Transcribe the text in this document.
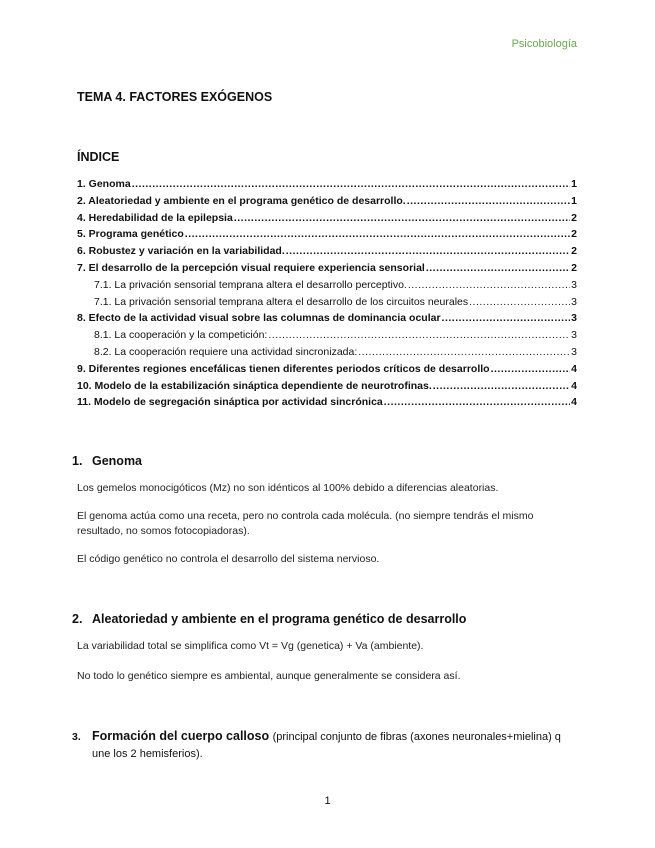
Psicobiología
TEMA 4. FACTORES EXÓGENOS
ÍNDICE
1. Genoma .....	1
2. Aleatoriedad y ambiente en el programa genético de desarrollo. .....	1
4. Heredabilidad de la epilepsia .....	2
5. Programa genético .....	2
6. Robustez y variación en la variabilidad. .....	2
7. El desarrollo de la percepción visual requiere experiencia sensorial .....	2
7.1. La privación sensorial temprana altera el desarrollo perceptivo. .....	3
7.1. La privación sensorial temprana altera el desarrollo de los circuitos neurales .....	3
8. Efecto de la actividad visual sobre las columnas de dominancia ocular .....	3
8.1. La cooperación y la competición: .....	3
8.2. La cooperación requiere una actividad sincronizada: .....	3
9. Diferentes regiones encefálicas tienen diferentes periodos críticos de desarrollo .....	4
10. Modelo de la estabilización sináptica dependiente de neurotrofinas. .....	4
11. Modelo de segregación sináptica por actividad sincrónica .....	4
1. Genoma

Los gemelos monocigóticos (Mz) no son idénticos al 100% debido a diferencias aleatorias.

El genoma actúa como una receta, pero no controla cada molécula. (no siempre tendrás el mismo resultado, no somos fotocopiadoras).

El código genético no controla el desarrollo del sistema nervioso.

2. Aleatoriedad y ambiente en el programa genético de desarrollo

La variabilidad total se simplifica como Vt = Vg (genetica) + Va (ambiente).

No todo lo genético siempre es ambiental, aunque generalmente se considera así.

3. Formación del cuerpo calloso (principal conjunto de fibras (axones neuronales+mielina) q une los 2 hemisferios).
1
